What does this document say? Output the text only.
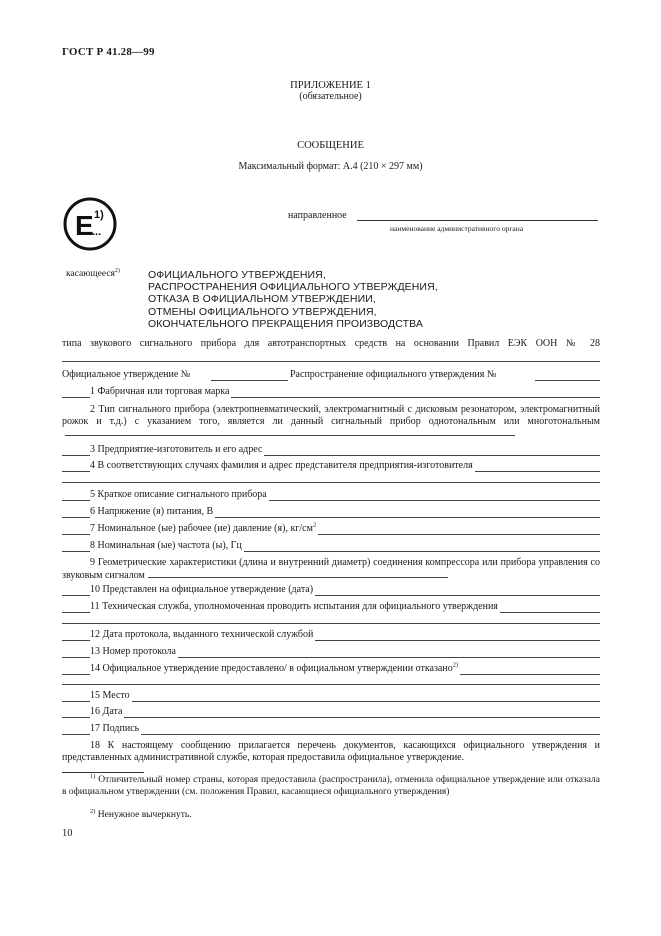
ГОСТ Р 41.28—99
ПРИЛОЖЕНИЕ 1
(обязательное)
СООБЩЕНИЕ
Максимальный формат: А.4 (210 × 297 мм)
E 1)
...
направленное
наименование административного органа
касающееся$^{2)}$	ОФИЦИАЛЬНОГО УТВЕРЖДЕНИЯ,
РАСПРОСТРАНЕНИЯ ОФИЦИАЛЬНОГО УТВЕРЖДЕНИЯ,
ОТКАЗА В ОФИЦИАЛЬНОМ УТВЕРЖДЕНИИ,
ОТМЕНЫ ОФИЦИАЛЬНОГО УТВЕРЖДЕНИЯ,
ОКОНЧАТЕЛЬНОГО ПРЕКРАЩЕНИЯ ПРОИЗВОДСТВА
типа звукового сигнального прибора для автотранспортных средств на основании Правил ЕЭК ООН № 28
Официальное утверждение №	Распространение официального утверждения №
1 Фабричная или торговая марка
2 Тип сигнального прибора (электропневматический, электромагнитный с дисковым резонатором, электромагнитный рожок и т.д.) с указанием того, является ли данный сигнальный прибор однотональным или многотональным
3 Предприятие-изготовитель и его адрес
4 В соответствующих случаях фамилия и адрес представителя предприятия-изготовителя
5 Краткое описание сигнального прибора
6 Напряжение (я) питания, В
7 Номинальное (ые) рабочее (ие) давление (я), $кг/см^2$
8 Номинальная (ые) частота (ы), Гц
9 Геометрические характеристики (длина и внутренний диаметр) соединения компрессора или прибора управления со звуковым сигналом
10 Представлен на официальное утверждение (дата)
11 Техническая служба, уполномоченная проводить испытания для официального утверждения
12 Дата протокола, выданного технической службой
13 Номер протокола
14 Официальное утверждение предоставлено/ в официальном утверждении отказано$^{2)}$
15 Место
16 Дата
17 Подпись
18 К настоящему сообщению прилагается перечень документов, касающихся официального утверждения и представленных административной службе, которая предоставила официальное утверждение.
$^{1)}$ Отличительный номер страны, которая предоставила (распространила), отменила официальное утверждение или отказала в официальном утверждении (см. положения Правил, касающиеся официального утверждения)
$^{2)}$ Ненужное вычеркнуть.
10
